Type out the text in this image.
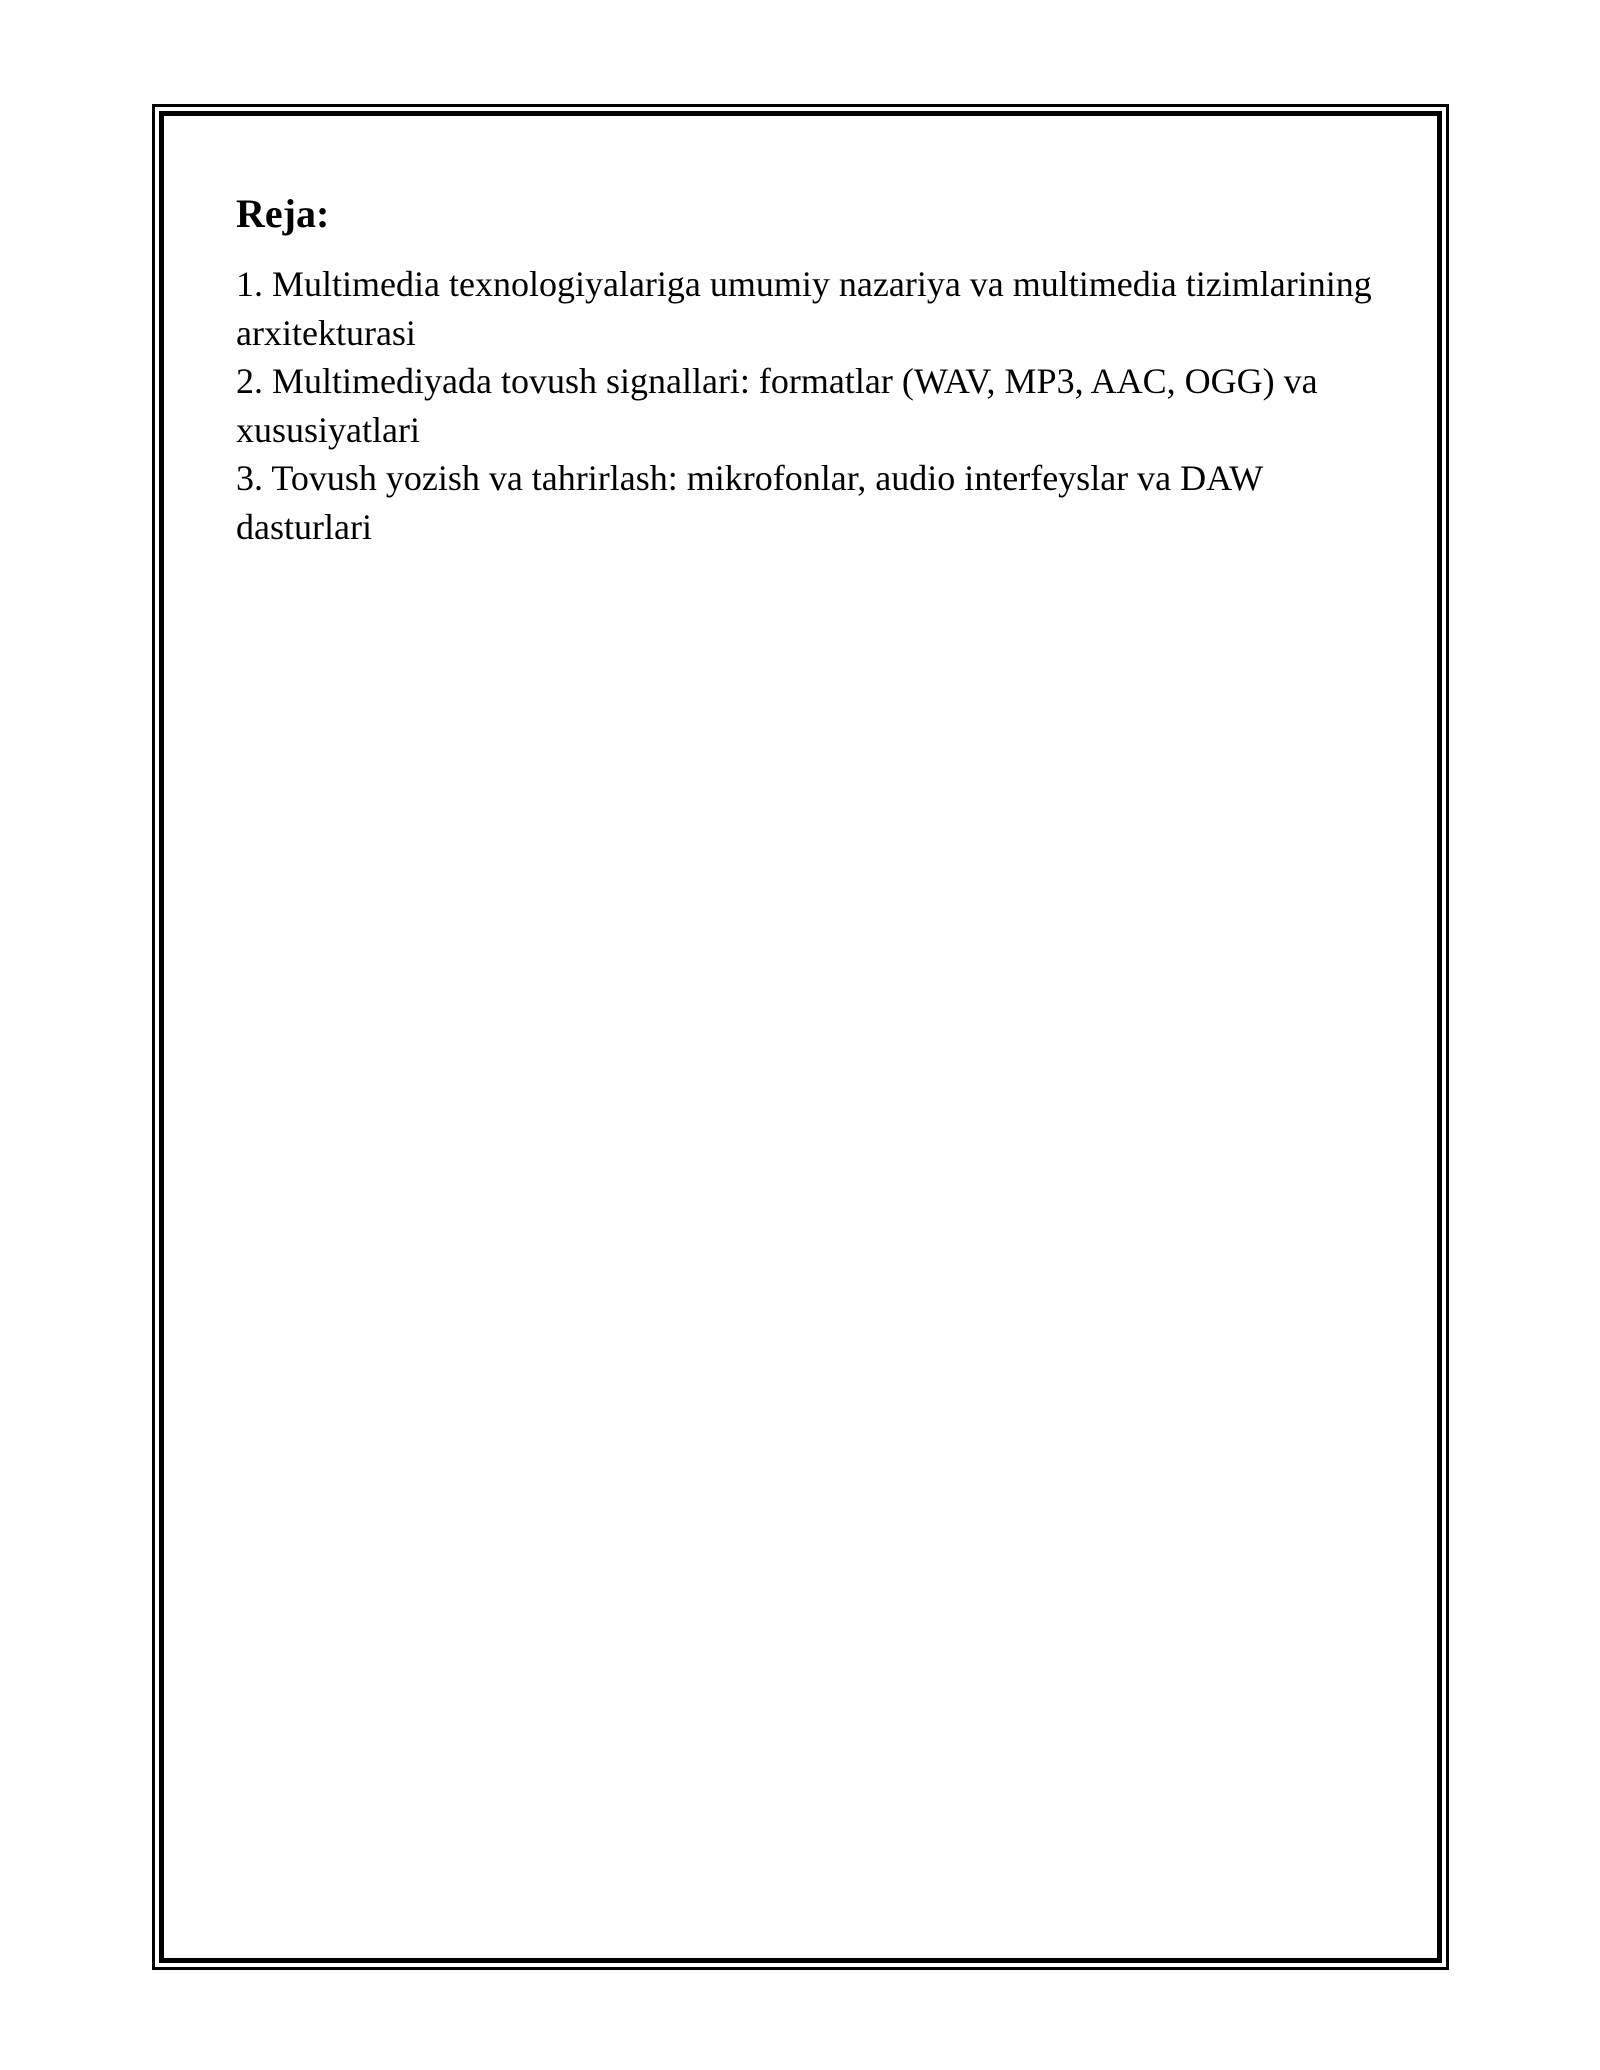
Reja:
1. Multimedia texnologiyalariga umumiy nazariya va multimedia tizimlarining arxitekturasi
2. Multimediyada tovush signallari: formatlar (WAV, MP3, AAC, OGG) va xususiyatlari
3. Tovush yozish va tahrirlash: mikrofonlar, audio interfeyslar va DAW dasturlari
